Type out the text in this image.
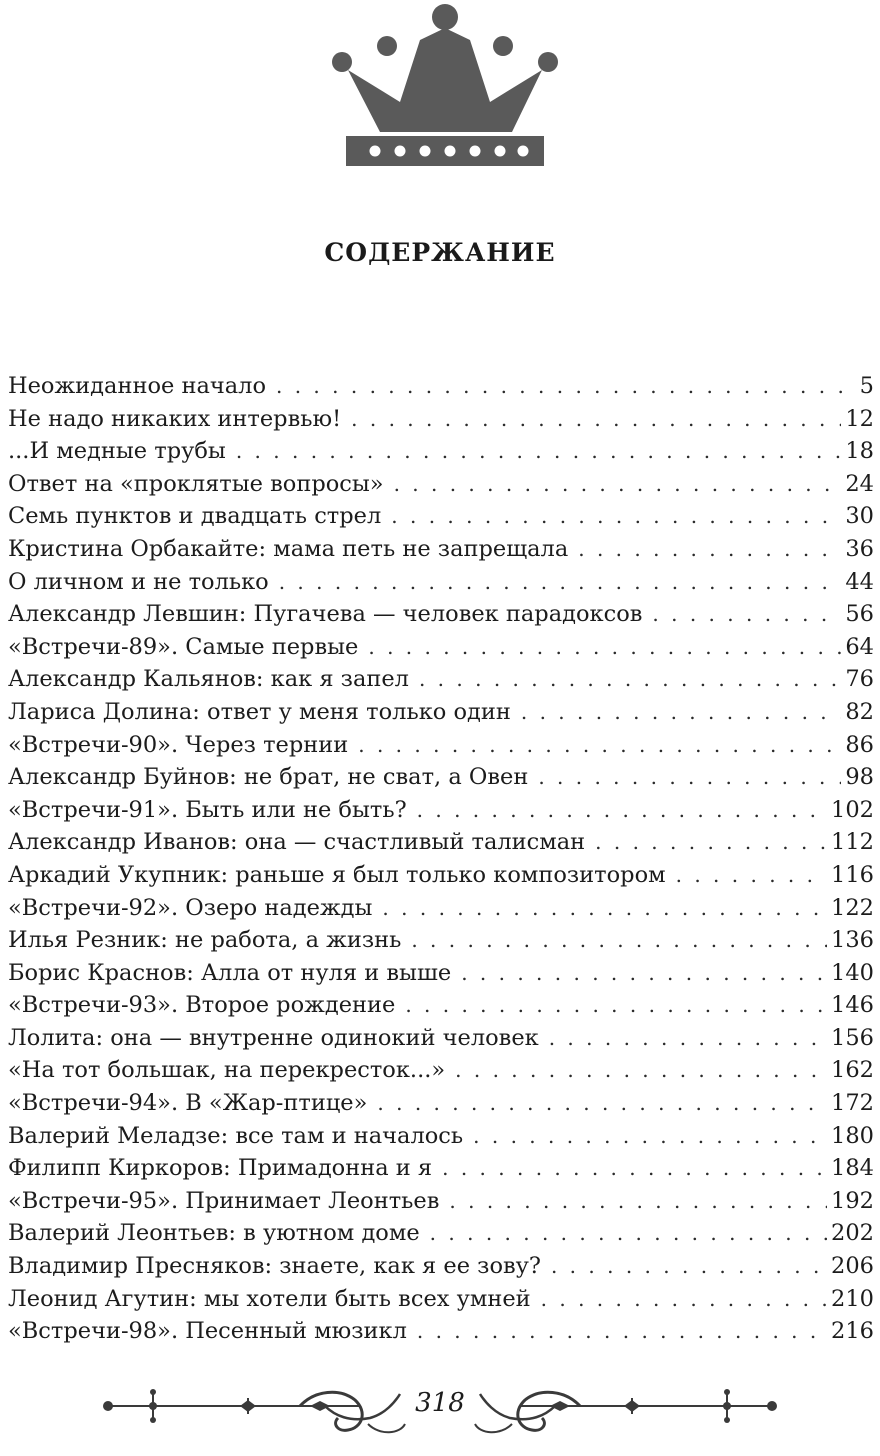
СОДЕРЖАНИЕ
Неожиданное начало . . .	5
Не надо никаких интервью! . . .	12
...И медные трубы . . .	18
Ответ на «проклятые вопросы» . . .	24
Семь пунктов и двадцать стрел . . .	30
Кристина Орбакайте: мама петь не запрещала . . .	36
О личном и не только . . .	44
Александр Левшин: Пугачева — человек парадоксов . . .	56
«Встречи-89». Самые первые . . .	64
Александр Кальянов: как я запел . . .	76
Лариса Долина: ответ у меня только один . . .	82
«Встречи-90». Через тернии . . .	86
Александр Буйнов: не брат, не сват, а Овен . . .	98
«Встречи-91». Быть или не быть? . . .	102
Александр Иванов: она — счастливый талисман . . .	112
Аркадий Укупник: раньше я был только композитором . . .	116
«Встречи-92». Озеро надежды . . .	122
Илья Резник: не работа, а жизнь . . .	136
Борис Краснов: Алла от нуля и выше . . .	140
«Встречи-93». Второе рождение . . .	146
Лолита: она — внутренне одинокий человек . . .	156
«На тот большак, на перекресток...» . . .	162
«Встречи-94». В «Жар-птице» . . .	172
Валерий Меладзе: все там и началось . . .	180
Филипп Киркоров: Примадонна и я . . .	184
«Встречи-95». Принимает Леонтьев . . .	192
Валерий Леонтьев: в уютном доме . . .	202
Владимир Пресняков: знаете, как я ее зову? . . .	206
Леонид Агутин: мы хотели быть всех умней . . .	210
«Встречи-98». Песенный мюзикл . . .	216
318
